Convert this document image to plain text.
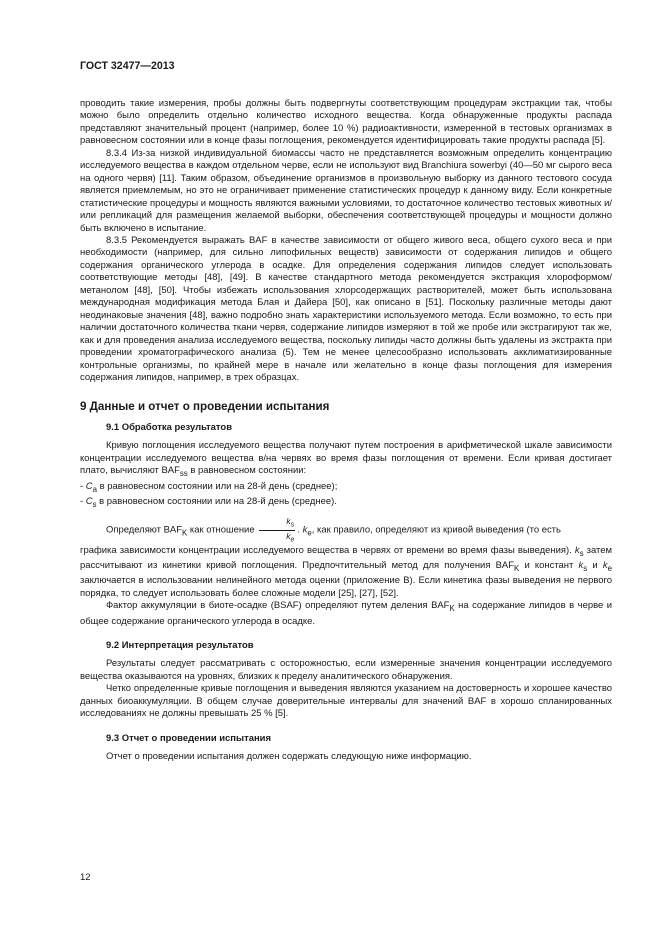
ГОСТ 32477—2013

проводить такие измерения, пробы должны быть подвергнуты соответствующим процедурам экстракции так, чтобы можно было определить отдельно количество исходного вещества. Когда обнаруженные продукты распада представляют значительный процент (например, более 10 %) радиоактивности, измеренной в тестовых организмах в равновесном состоянии или в конце фазы поглощения, рекомендуется идентифицировать такие продукты распада [5].

8.3.4 Из-за низкой индивидуальной биомассы часто не представляется возможным определить концентрацию исследуемого вещества в каждом отдельном черве, если не используют вид Branchiura sowerbyi (40—50 мг сырого веса на одного червя) [11]. Таким образом, объединение организмов в произвольную выборку из данного тестового сосуда является приемлемым, но это не ограничивает применение статистических процедур к данному виду. Если конкретные статистические процедуры и мощность являются важными условиями, то достаточное количество тестовых животных и/или репликаций для размещения желаемой выборки, обеспечения соответствующей процедуры и мощности должно быть включено в испытание.

8.3.5 Рекомендуется выражать BAF в качестве зависимости от общего живого веса, общего сухого веса и при необходимости (например, для сильно липофильных веществ) зависимости от содержания липидов и общего содержания органического углерода в осадке. Для определения содержания липидов следует использовать соответствующие методы [48], [49]. В качестве стандартного метода рекомендуется экстракция хлороформом/метанолом [48], [50]. Чтобы избежать использования хлорсодержащих растворителей, может быть использована международная модификация метода Блая и Дайера [50], как описано в [51]. Поскольку различные методы дают неодинаковые значения [48], важно подробно знать характеристики используемого метода. Если возможно, то есть при наличии достаточного количества ткани червя, содержание липидов измеряют в той же пробе или экстрагируют так же, как и для проведения анализа исследуемого вещества, поскольку липиды часто должны быть удалены из экстракта при проведении хроматографического анализа (5). Тем не менее целесообразно использовать акклиматизированные контрольные организмы, по крайней мере в начале или желательно в конце фазы поглощения для измерения содержания липидов, например, в трех образцах.

9 Данные и отчет о проведении испытания

9.1 Обработка результатов

Кривую поглощения исследуемого вещества получают путем построения в арифметической шкале зависимости концентрации исследуемого вещества в/на червях во время фазы поглощения от времени. Если кривая достигает плато, вычисляют $BAF_{ss}$ в равновесном состоянии:

- $C_a$ в равновесном состоянии или на 28-й день (среднее);

- $C_s$ в равновесном состоянии или на 28-й день (среднее).

Определяют $BAF_K$ как отношение $\frac{k_s}{k_e}$ . $k_e$, как правило, определяют из кривой выведения (то есть

графика зависимости концентрации исследуемого вещества в червях от времени во время фазы выведения). $k_s$ затем рассчитывают из кинетики кривой поглощения. Предпочтительный метод для получения $BAF_K$ и констант $k_s$ и $k_e$ заключается в использовании нелинейного метода оценки (приложение В). Если кинетика фазы выведения не первого порядка, то следует использовать более сложные модели [25], [27], [52].

Фактор аккумуляции в биоте-осадке (BSAF) определяют путем деления $BAF_K$ на содержание липидов в черве и общее содержание органического углерода в осадке.

9.2 Интерпретация результатов

Результаты следует рассматривать с осторожностью, если измеренные значения концентрации исследуемого вещества оказываются на уровнях, близких к пределу аналитического обнаружения.

Четко определенные кривые поглощения и выведения являются указанием на достоверность и хорошее качество данных биоаккумуляции. В общем случае доверительные интервалы для значений BAF в хорошо спланированных исследованиях не должны превышать 25 % [5].

9.3 Отчет о проведении испытания

Отчет о проведении испытания должен содержать следующую ниже информацию.

12
